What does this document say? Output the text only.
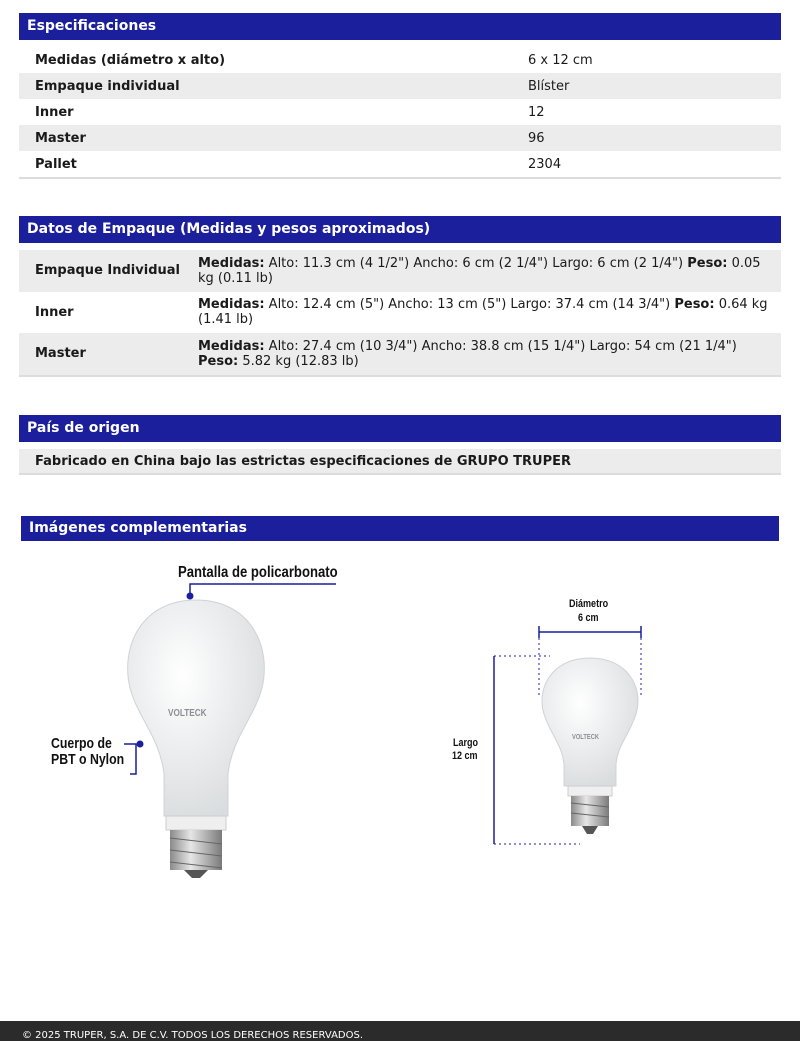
Especificaciones
Medidas (diámetro x alto)	6 x 12 cm
Empaque individual	Blíster
Inner	12
Master	96
Pallet	2304
Datos de Empaque (Medidas y pesos aproximados)
Empaque Individual	Medidas: Alto: 11.3 cm (4 1/2") Ancho: 6 cm (2 1/4") Largo: 6 cm (2 1/4") Peso: 0.05 kg (0.11 lb)
Inner	Medidas: Alto: 12.4 cm (5") Ancho: 13 cm (5") Largo: 37.4 cm (14 3/4") Peso: 0.64 kg (1.41 lb)
Master	Medidas: Alto: 27.4 cm (10 3/4") Ancho: 38.8 cm (15 1/4") Largo: 54 cm (21 1/4") Peso: 5.82 kg (12.83 lb)
País de origen
Fabricado en China bajo las estrictas especificaciones de GRUPO TRUPER
Imágenes complementarias
Pantalla de policarbonato
VOLTECK
Cuerpo de
PBT o Nylon
Diámetro
6 cm
Largo
12 cm
VOLTECK
© 2025 TRUPER, S.A. DE C.V. TODOS LOS DERECHOS RESERVADOS.
